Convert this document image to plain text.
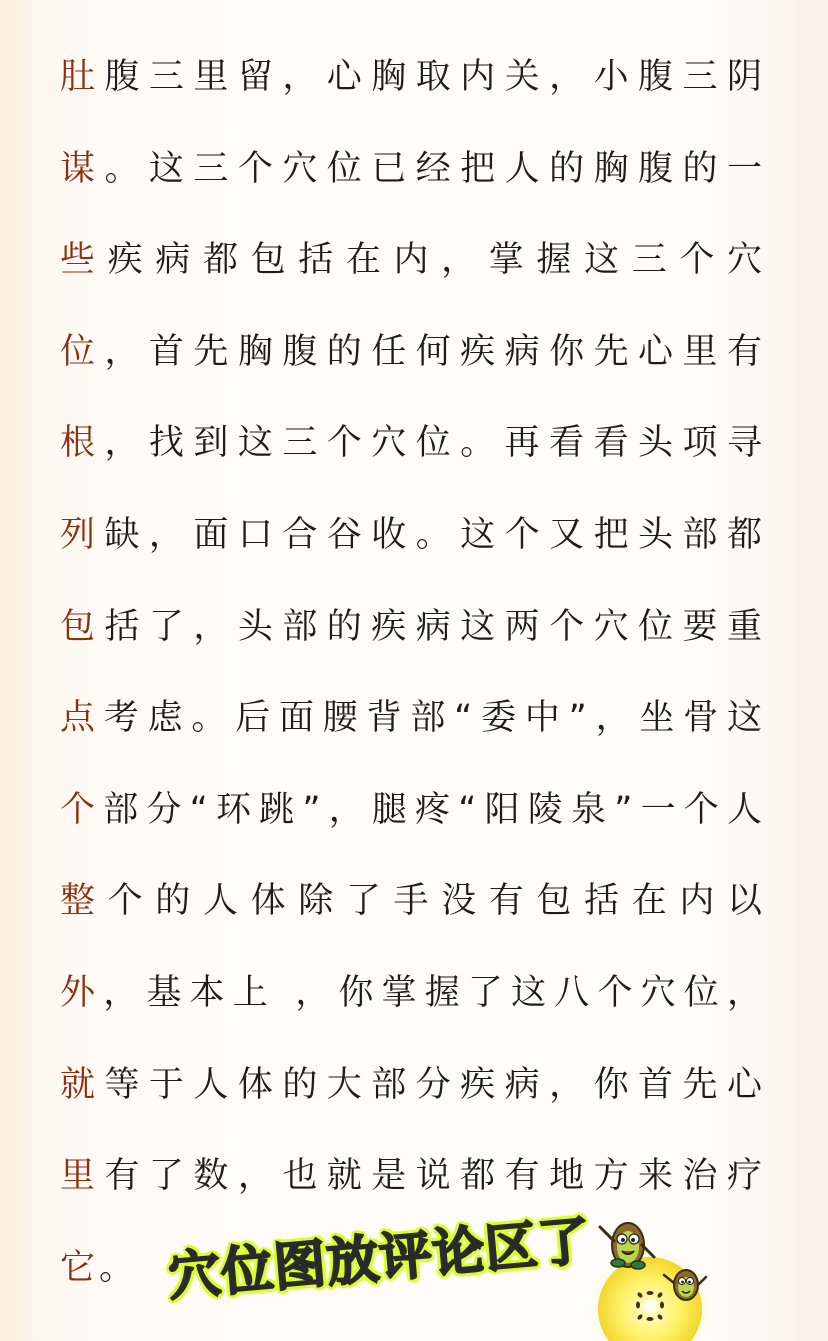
肚腹三里留，心胸取内关，小腹三阴
谋。这三个穴位已经把人的胸腹的一
些疾病都包括在内，掌握这三个穴
位，首先胸腹的任何疾病你先心里有
根，找到这三个穴位。再看看头项寻
列缺，面口合谷收。这个又把头部都
包括了，头部的疾病这两个穴位要重
点考虑。后面腰背部“委中”，坐骨这
个部分“环跳”，腿疼“阳陵泉”一个人
整个的人体除了手没有包括在内以
外，基本上 ，你掌握了这八个穴位，
就等于人体的大部分疾病，你首先心
里有了数，也就是说都有地方来治疗
它。 穴位图放评论区了
